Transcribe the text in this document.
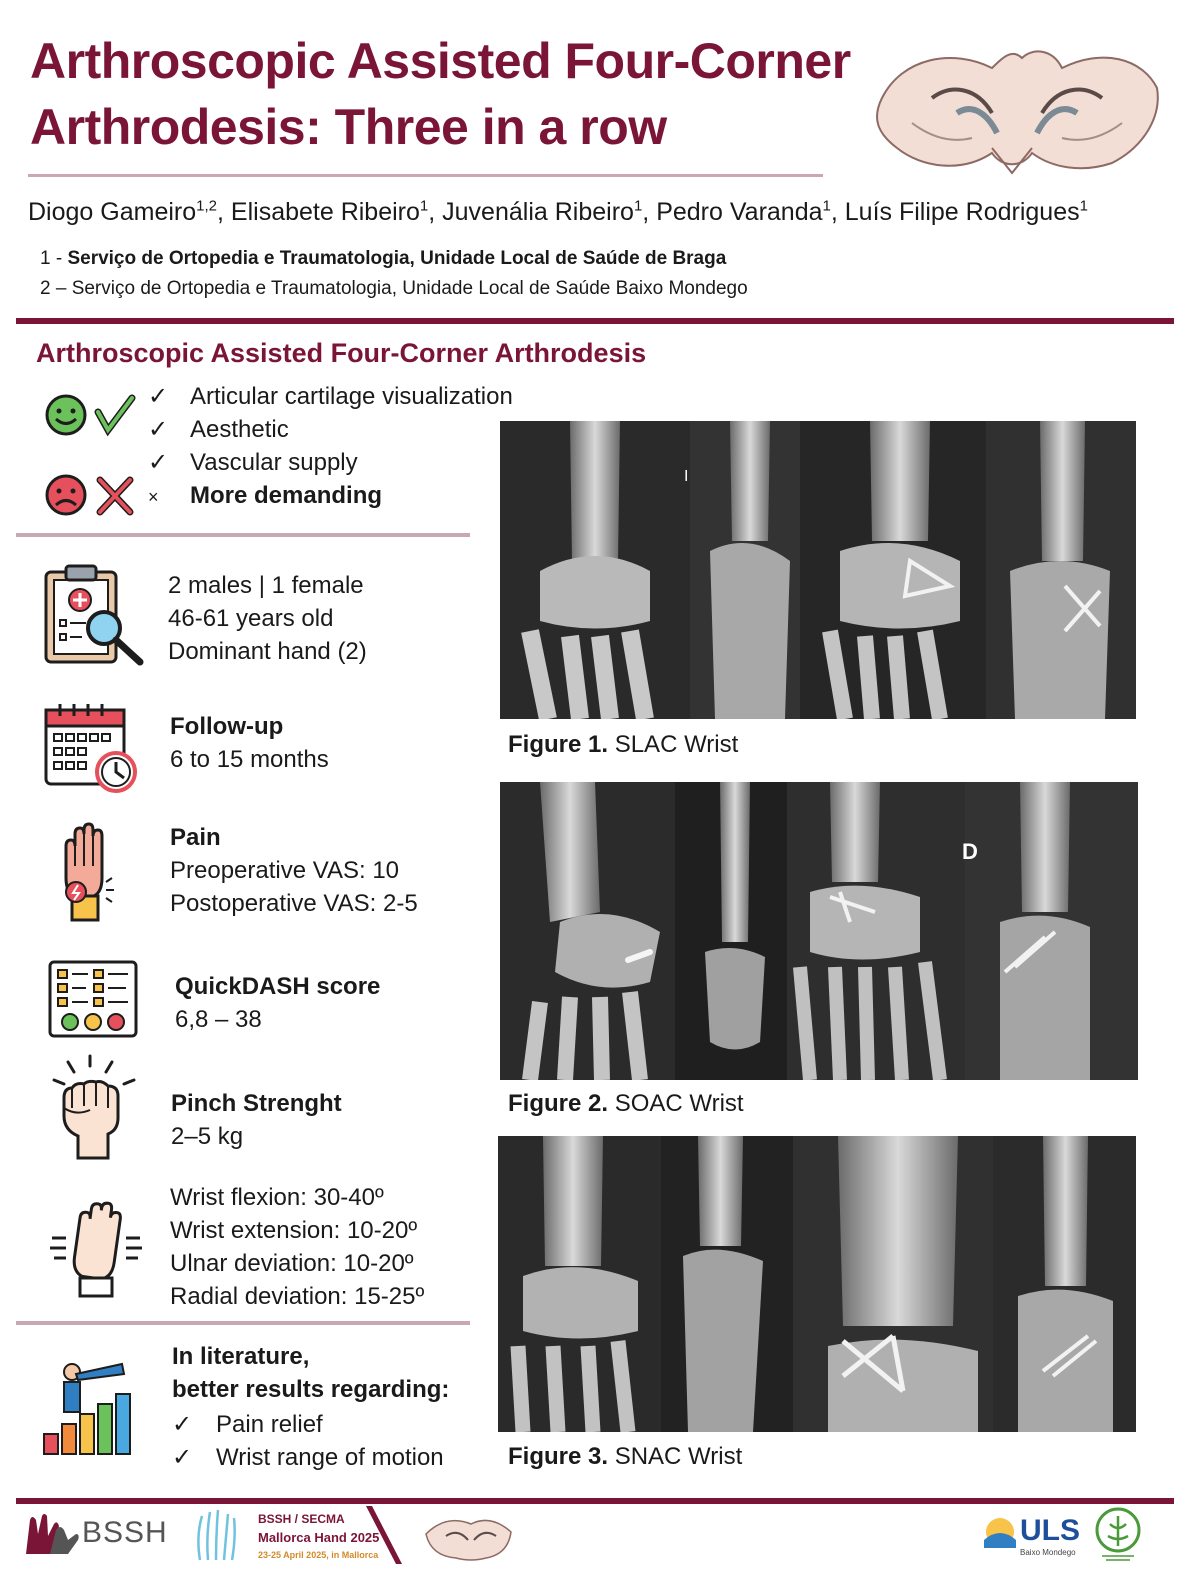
Arthroscopic Assisted Four-Corner
Arthrodesis: Three in a row
Diogo Gameiro$^{1,2}$, Elisabete Ribeiro$^1$, Juvenália Ribeiro$^1$, Pedro Varanda$^1$, Luís Filipe Rodrigues$^1$
1 - Serviço de Ortopedia e Traumatologia, Unidade Local de Saúde de Braga
2 – Serviço de Ortopedia e Traumatologia, Unidade Local de Saúde Baixo Mondego
Arthroscopic Assisted Four-Corner Arthrodesis
✓ Articular cartilage visualization
✓ Aesthetic
✓ Vascular supply
× More demanding
2 males | 1 female
46-61 years old
Dominant hand (2)
Follow-up
6 to 15 months
Pain
Preoperative VAS: 10
Postoperative VAS: 2-5
QuickDASH score
6,8 – 38
Pinch Strenght
2–5 kg
Wrist flexion: 30-40º
Wrist extension: 10-20º
Ulnar deviation: 10-20º
Radial deviation: 15-25º
In literature,
better results regarding:
✓ Pain relief
✓ Wrist range of motion
I
Figure 1. SLAC Wrist
D
Figure 2. SOAC Wrist
Figure 3. SNAC Wrist
BSSH	BSSH / SECMA
Mallorca Hand 2025
23-25 April 2025, in Mallorca
ULS
Baixo Mondego
